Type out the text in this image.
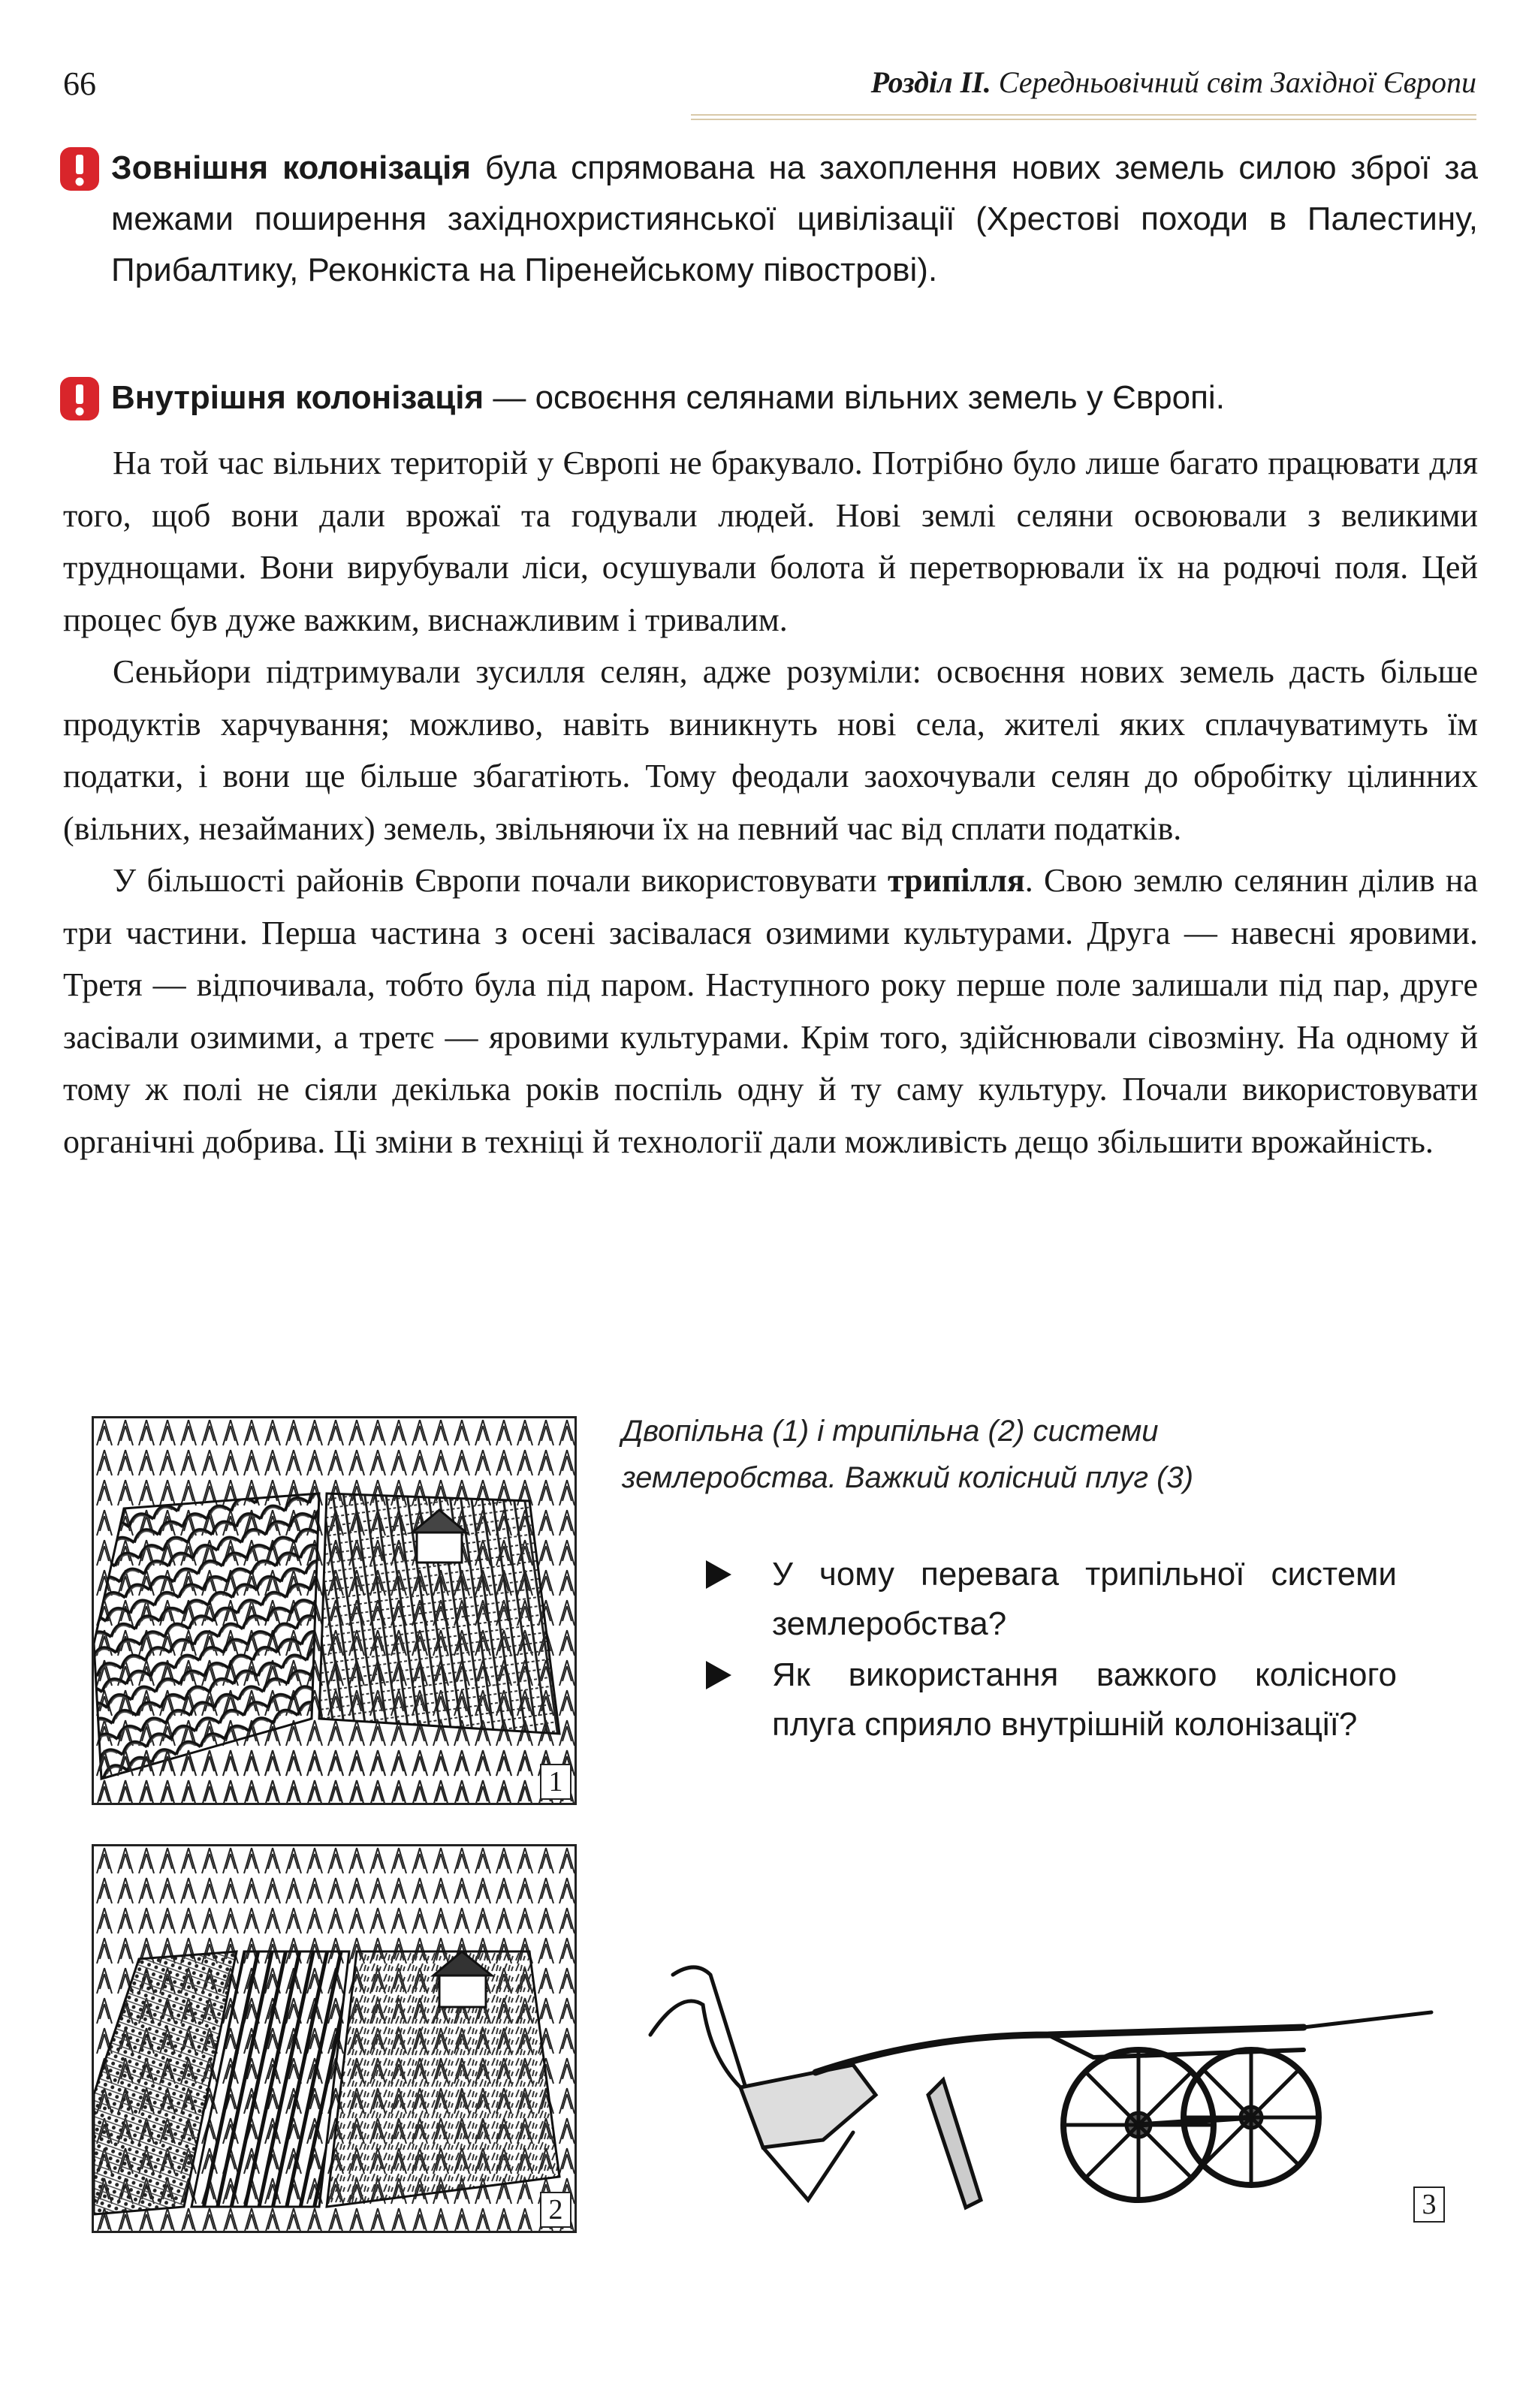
66	Розділ II. Середньовічний світ Західної Європи
Зовнішня колонізація була спрямована на захоплення нових земель силою зброї за межами поширення західнохристиянської цивілізації (Хрестові походи в Палестину, Прибалтику, Реконкіста на Піренейському півострові).
Внутрішня колонізація — освоєння селянами вільних земель у Європі.

На той час вільних територій у Європі не бракувало. Потрібно було лише багато працювати для того, щоб вони дали врожаї та годували людей. Нові землі селяни освоювали з великими труднощами. Вони вирубували ліси, осушували болота й перетворювали їх на родючі поля. Цей процес був дуже важким, виснажливим і тривалим.

Сеньйори підтримували зусилля селян, адже розуміли: освоєння нових земель дасть більше продуктів харчування; можливо, навіть виникнуть нові села, жителі яких сплачуватимуть їм податки, і вони ще більше збагатіють. Тому феодали заохочували селян до обробітку цілинних (вільних, незайманих) земель, звільняючи їх на певний час від сплати податків.

У більшості районів Європи почали використовувати трипілля. Свою землю селянин ділив на три частини. Перша частина з осені засівалася озимими культурами. Друга — навесні яровими. Третя — відпочивала, тобто була під паром. Наступного року перше поле залишали під пар, друге засівали озимими, а третє — яровими культурами. Крім того, здійснювали сівозміну. На одному й тому ж полі не сіяли декілька років поспіль одну й ту саму культуру. Почали використовувати органічні добрива. Ці зміни в техніці й технології дали можливість дещо збільшити врожайність.

1
2
Двопільна (1) і трипільна (2) системи
землеробства. Важкий колісний плуг (3)
У чому перевага трипільної системи землеробства?
Як використання важкого колісного плуга сприяло внутрішній колонізації?
3
